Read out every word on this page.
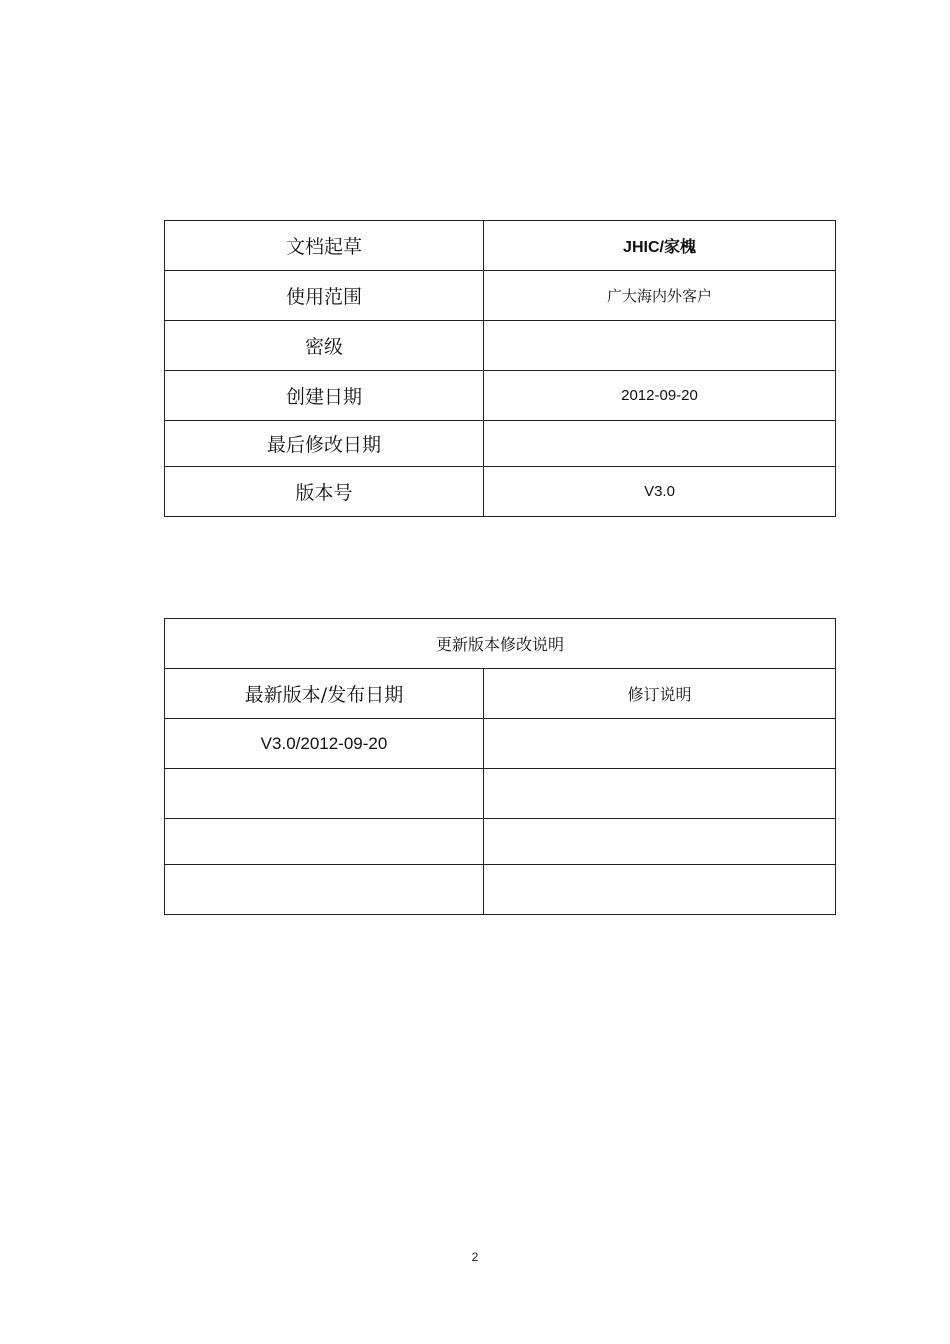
文档起草	JHIC/家槐
使用范围	广大海内外客户
密级	
创建日期	2012-09-20
最后修改日期	
版本号	V3.0
更新版本修改说明	
最新版本/发布日期	修订说明
V3.0/2012-09-20	

2
